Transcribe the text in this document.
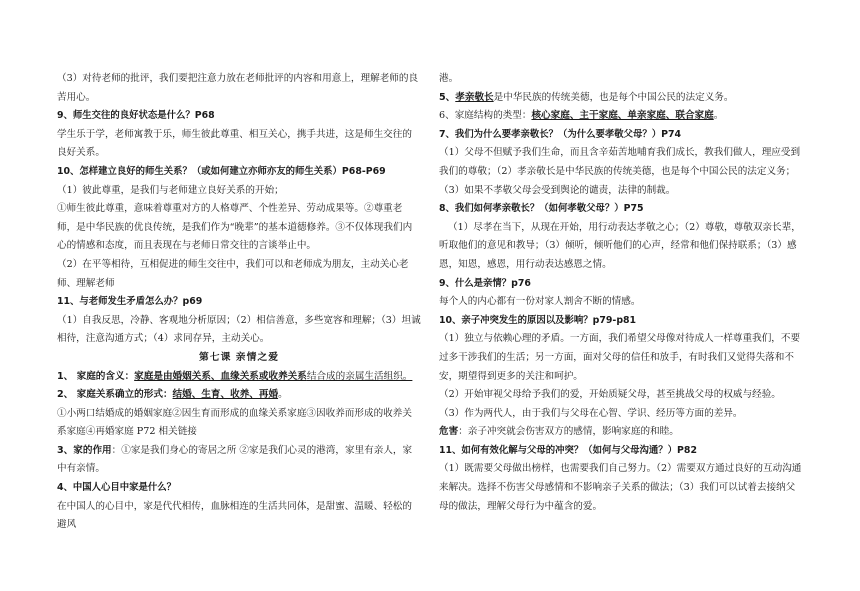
（3）对待老师的批评，我们要把注意力放在老师批评的内容和用意上，理解老师的良苦用心。

9、师生交往的良好状态是什么？P68

学生乐于学，老师寓教于乐，师生彼此尊重、相互关心，携手共进，这是师生交往的良好关系。

10、怎样建立良好的师生关系？（或如何建立亦师亦友的师生关系）P68-P69

（1）彼此尊重，是我们与老师建立良好关系的开始；

①师生彼此尊重，意味着尊重对方的人格尊严、个性差异、劳动成果等。②尊重老师，是中华民族的优良传统，是我们作为“晚辈”的基本道德修养。③不仅体现我们内心的情感和态度，而且表现在与老师日常交往的言谈举止中。

（2）在平等相待，互相促进的师生交往中，我们可以和老师成为朋友，主动关心老师、理解老师

11、与老师发生矛盾怎么办？p69

（1）自我反思，冷静、客观地分析原因；（2）相信善意，多些宽容和理解；（3）坦诚相待，注意沟通方式；（4）求同存异，主动关心。

第七课 亲情之爱

1、 家庭的含义：家庭是由婚姻关系、血缘关系或收养关系结合成的亲属生活组织。

2、 家庭关系确立的形式：结婚、生育、收养、再婚。

①小两口结婚成的婚姻家庭②因生育而形成的血缘关系家庭③因收养而形成的收养关系家庭④再婚家庭 P72 相关链接

3、家的作用：①家是我们身心的寄居之所 ②家是我们心灵的港湾，家里有亲人，家中有亲情。

4、中国人心目中家是什么？

在中国人的心目中，家是代代相传，血脉相连的生活共同体，是甜蜜、温暖、轻松的避风

港。

5、孝亲敬长是中华民族的传统美德，也是每个中国公民的法定义务。

6、家庭结构的类型：核心家庭、主干家庭、单亲家庭、联合家庭。

7、我们为什么要孝亲敬长？（为什么要孝敬父母？）P74

（1）父母不但赋予我们生命，而且含辛茹苦地哺育我们成长，教我们做人，理应受到我们的尊敬；（2）孝亲敬长是中华民族的传统美德，也是每个中国公民的法定义务；（3）如果不孝敬父母会受到舆论的谴责，法律的制裁。

8、我们如何孝亲敬长？（如何孝敬父母？）P75

（1）尽孝在当下，从现在开始，用行动表达孝敬之心；（2）尊敬，尊敬双亲长辈，听取他们的意见和教导；（3）倾听，倾听他们的心声，经常和他们保持联系；（3）感恩，知恩，感恩，用行动表达感恩之情。

9、什么是亲情？p76

每个人的内心都有一份对家人割舍不断的情感。

10、亲子冲突发生的原因以及影响？p79-p81

（1）独立与依赖心理的矛盾。一方面，我们希望父母像对待成人一样尊重我们，不要过多干涉我们的生活；另一方面，面对父母的信任和放手，有时我们又觉得失落和不安，期望得到更多的关注和呵护。

（2）开始审视父母给予我们的爱，开始质疑父母，甚至挑战父母的权威与经验。

（3）作为两代人，由于我们与父母在心智、学识、经历等方面的差异。

危害：亲子冲突就会伤害双方的感情，影响家庭的和睦。

11、如何有效化解与父母的冲突？（如何与父母沟通？）P82

（1）既需要父母做出榜样，也需要我们自己努力。（2）需要双方通过良好的互动沟通来解决。选择不伤害父母感情和不影响亲子关系的做法；（3）我们可以试着去接纳父母的做法，理解父母行为中蕴含的爱。
